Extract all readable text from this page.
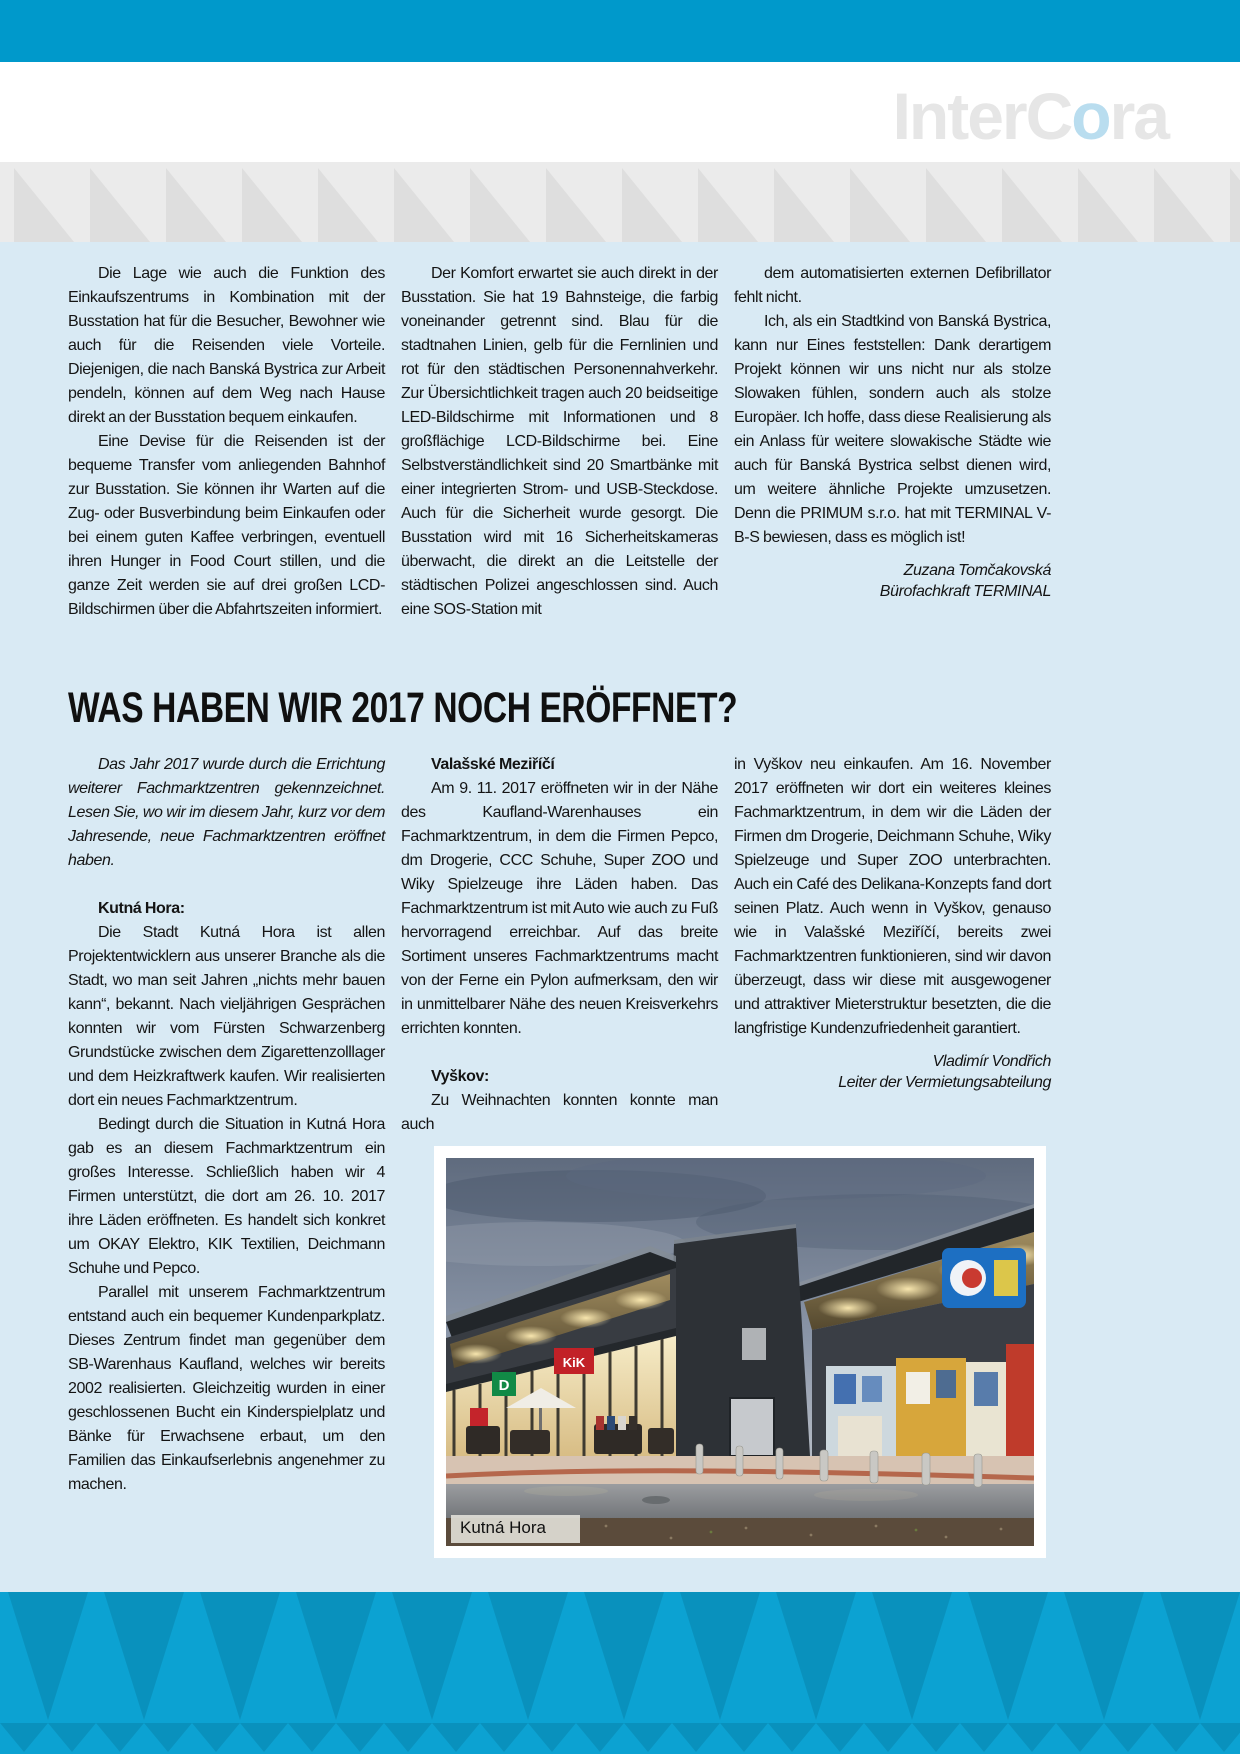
InterCora

Die Lage wie auch die Funktion des Einkaufszentrums in Kombination mit der Busstation hat für die Besucher, Bewohner wie auch für die Reisenden viele Vorteile. Diejenigen, die nach Banská Bystrica zur Arbeit pendeln, können auf dem Weg nach Hause direkt an der Busstation bequem einkaufen.

Eine Devise für die Reisenden ist der bequeme Transfer vom anliegenden Bahnhof zur Busstation. Sie können ihr Warten auf die Zug- oder Busverbindung beim Einkaufen oder bei einem guten Kaffee verbringen, eventuell ihren Hunger in Food Court stillen, und die ganze Zeit werden sie auf drei großen LCD-Bildschirmen über die Abfahrtszeiten informiert.

Der Komfort erwartet sie auch direkt in der Busstation. Sie hat 19 Bahnsteige, die farbig voneinander getrennt sind. Blau für die stadtnahen Linien, gelb für die Fernlinien und rot für den städtischen Personennahverkehr. Zur Übersichtlichkeit tragen auch 20 beidseitige LED-Bildschirme mit Informationen und 8 großflächige LCD-Bildschirme bei. Eine Selbstverständlichkeit sind 20 Smartbänke mit einer integrierten Strom- und USB-Steckdose. Auch für die Sicherheit wurde gesorgt. Die Busstation wird mit 16 Sicherheitskameras überwacht, die direkt an die Leitstelle der städtischen Polizei angeschlossen sind. Auch eine SOS-Station mit

dem automatisierten externen Defibrillator fehlt nicht.

Ich, als ein Stadtkind von Banská Bystrica, kann nur Eines feststellen: Dank derartigem Projekt können wir uns nicht nur als stolze Slowaken fühlen, sondern auch als stolze Europäer. Ich hoffe, dass diese Realisierung als ein Anlass für weitere slowakische Städte wie auch für Banská Bystrica selbst dienen wird, um weitere ähnliche Projekte umzusetzen. Denn die PRIMUM s.r.o. hat mit TERMINAL V-B-S bewiesen, dass es möglich ist!

Zuzana Tomčakovská
Bürofachkraft TERMINAL
WAS HABEN WIR 2017 NOCH ERÖFFNET?

Das Jahr 2017 wurde durch die Errichtung weiterer Fachmarktzentren gekennzeichnet. Lesen Sie, wo wir im diesem Jahr, kurz vor dem Jahresende, neue Fachmarktzentren eröffnet haben.

Kutná Hora:

Die Stadt Kutná Hora ist allen Projektentwicklern aus unserer Branche als die Stadt, wo man seit Jahren „nichts mehr bauen kann“, bekannt. Nach vieljährigen Gesprächen konnten wir vom Fürsten Schwarzenberg Grundstücke zwischen dem Zigarettenzolllager und dem Heizkraftwerk kaufen. Wir realisierten dort ein neues Fachmarktzentrum.

Bedingt durch die Situation in Kutná Hora gab es an diesem Fachmarktzentrum ein großes Interesse. Schließlich haben wir 4 Firmen unterstützt, die dort am 26. 10. 2017 ihre Läden eröffneten. Es handelt sich konkret um OKAY Elektro, KIK Textilien, Deichmann Schuhe und Pepco.

Parallel mit unserem Fachmarktzentrum entstand auch ein bequemer Kundenparkplatz. Dieses Zentrum findet man gegenüber dem SB-Warenhaus Kaufland, welches wir bereits 2002 realisierten. Gleichzeitig wurden in einer geschlossenen Bucht ein Kinderspielplatz und Bänke für Erwachsene erbaut, um den Familien das Einkaufserlebnis angenehmer zu machen.

Valašské Meziříčí

Am 9. 11. 2017 eröffneten wir in der Nähe des Kaufland-Warenhauses ein Fachmarktzentrum, in dem die Firmen Pepco, dm Drogerie, CCC Schuhe, Super ZOO und Wiky Spielzeuge ihre Läden haben. Das Fachmarktzentrum ist mit Auto wie auch zu Fuß hervorragend erreichbar. Auf das breite Sortiment unseres Fachmarktzentrums macht von der Ferne ein Pylon aufmerksam, den wir in unmittelbarer Nähe des neuen Kreisverkehrs errichten konnten.

Vyškov:

Zu Weihnachten konnten konnte man auch

in Vyškov neu einkaufen. Am 16. November 2017 eröffneten wir dort ein weiteres kleines Fachmarktzentrum, in dem wir die Läden der Firmen dm Drogerie, Deichmann Schuhe, Wiky Spielzeuge und Super ZOO unterbrachten. Auch ein Café des Delikana-Konzepts fand dort seinen Platz. Auch wenn in Vyškov, genauso wie in Valašské Meziříčí, bereits zwei Fachmarktzentren funktionieren, sind wir davon überzeugt, dass wir diese mit ausgewogener und attraktiver Mieterstruktur besetzten, die die langfristige Kundenzufriedenheit garantiert.

Vladimír Vondřich
Leiter der Vermietungsabteilung
D
KiK
Kutná Hora
